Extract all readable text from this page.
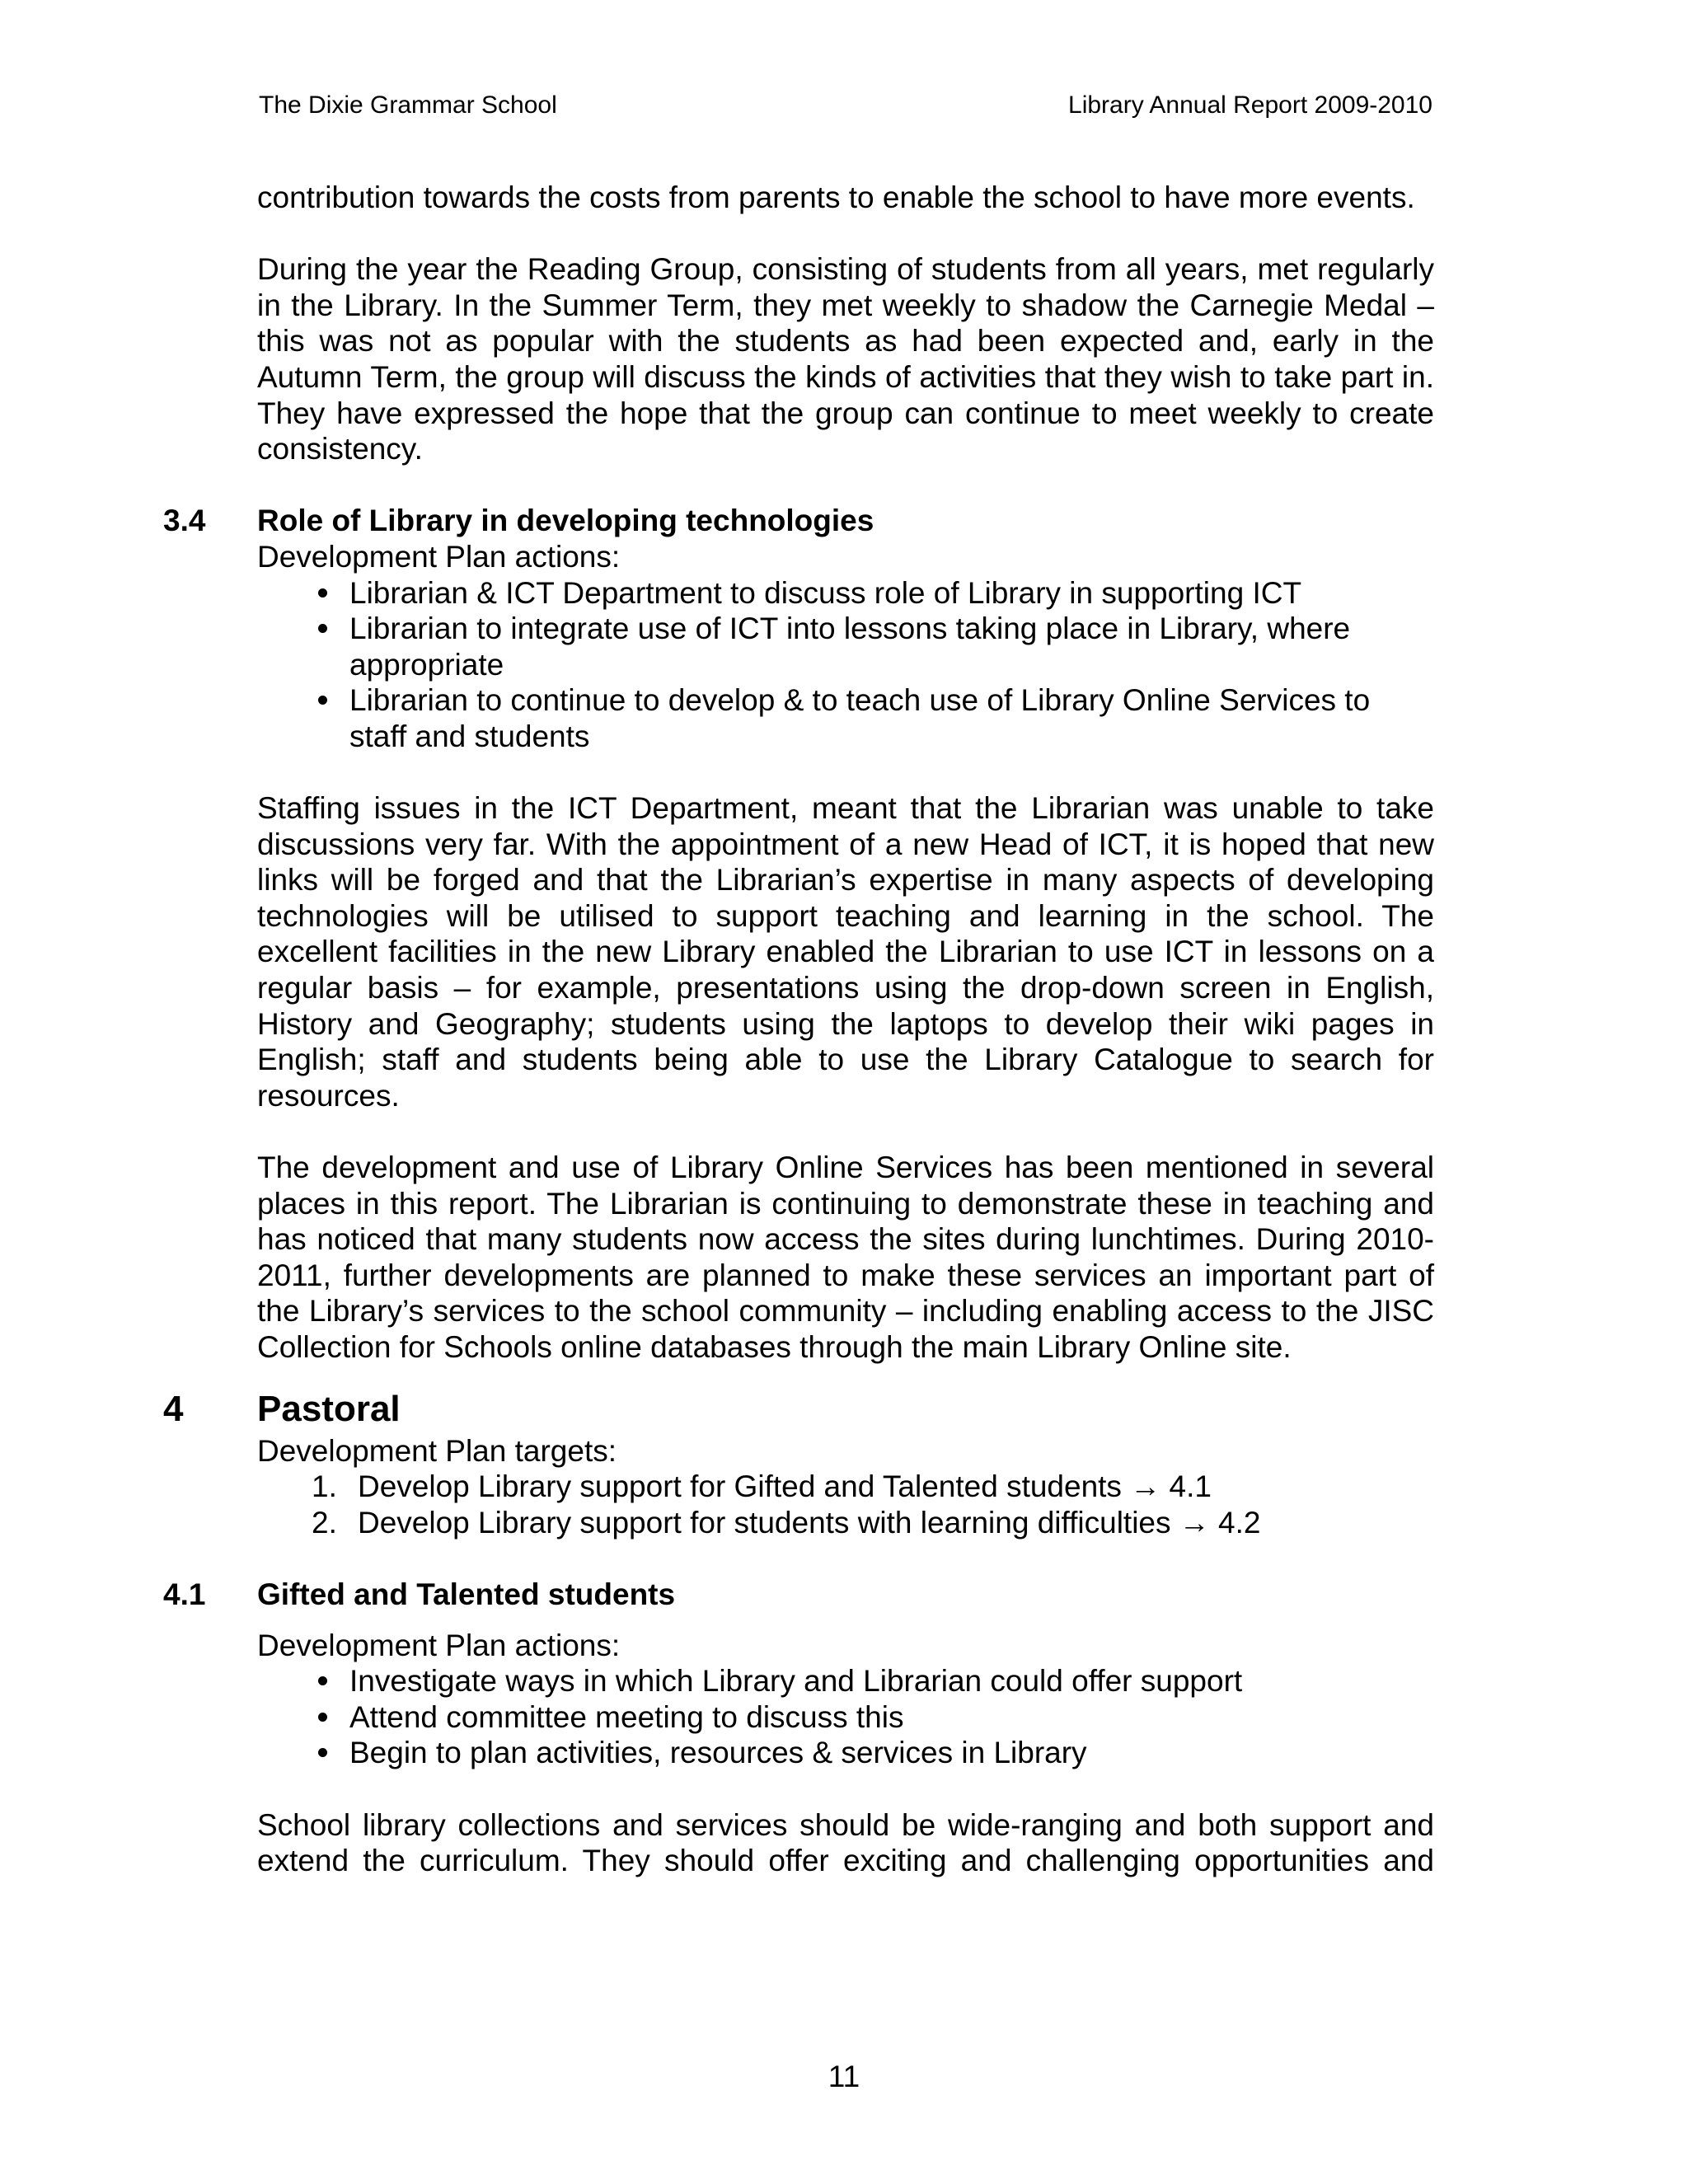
The Dixie Grammar School	Library Annual Report 2009-2010

contribution towards the costs from parents to enable the school to have more events.

During the year the Reading Group, consisting of students from all years, met regularly in the Library. In the Summer Term, they met weekly to shadow the Carnegie Medal – this was not as popular with the students as had been expected and, early in the Autumn Term, the group will discuss the kinds of activities that they wish to take part in. They have expressed the hope that the group can continue to meet weekly to create consistency.

3.4 Role of Library in developing technologies

Development Plan actions:

Librarian & ICT Department to discuss role of Library in supporting ICT
Librarian to integrate use of ICT into lessons taking place in Library, where appropriate
Librarian to continue to develop & to teach use of Library Online Services to staff and students

Staffing issues in the ICT Department, meant that the Librarian was unable to take discussions very far. With the appointment of a new Head of ICT, it is hoped that new links will be forged and that the Librarian’s expertise in many aspects of developing technologies will be utilised to support teaching and learning in the school. The excellent facilities in the new Library enabled the Librarian to use ICT in lessons on a regular basis – for example, presentations using the drop-down screen in English, History and Geography; students using the laptops to develop their wiki pages in English; staff and students being able to use the Library Catalogue to search for resources.

The development and use of Library Online Services has been mentioned in several places in this report. The Librarian is continuing to demonstrate these in teaching and has noticed that many students now access the sites during lunchtimes. During 2010-2011, further developments are planned to make these services an important part of the Library’s services to the school community – including enabling access to the JISC Collection for Schools online databases through the main Library Online site.

4 Pastoral

Development Plan targets:

1. Develop Library support for Gifted and Talented students → 4.1
2. Develop Library support for students with learning difficulties → 4.2
4.1 Gifted and Talented students

Development Plan actions:

Investigate ways in which Library and Librarian could offer support
Attend committee meeting to discuss this
Begin to plan activities, resources & services in Library

School library collections and services should be wide-ranging and both support and extend the curriculum. They should offer exciting and challenging opportunities and

11
